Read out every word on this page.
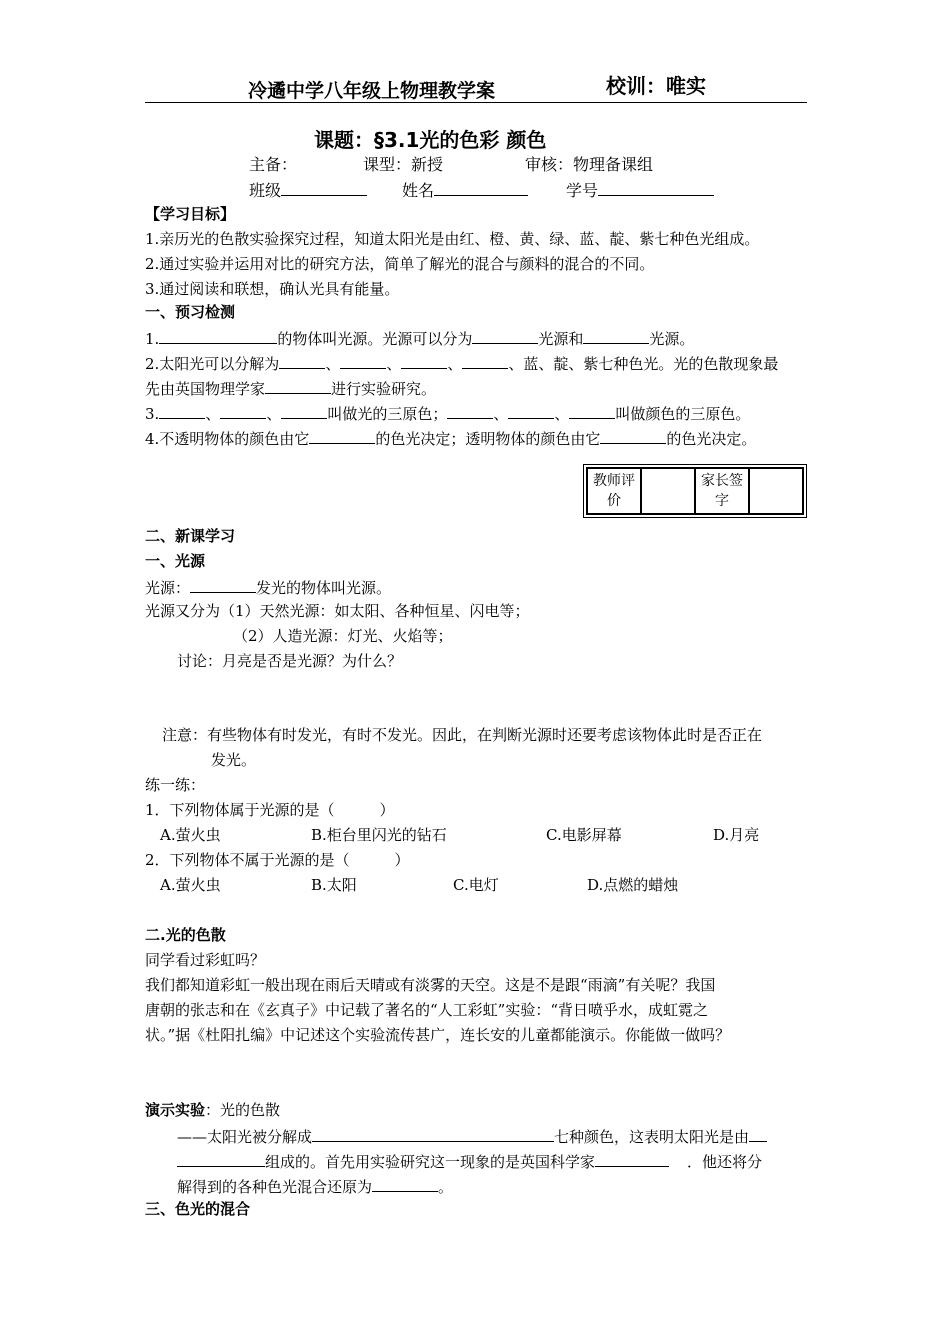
冷遹中学八年级上物理教学案	校训：唯实
课题：§3.1光的色彩 颜色
主备：	课型：新授	审核：物理备课组
班级	姓名	学号
【学习目标】
1.亲历光的色散实验探究过程，知道太阳光是由红、橙、黄、绿、蓝、靛、紫七种色光组成。
2.通过实验并运用对比的研究方法，简单了解光的混合与颜料的混合的不同。
3.通过阅读和联想，确认光具有能量。
一、预习检测
1.	的物体叫光源。光源可以分为	光源和	光源。
2.太阳光可以分解为	、	、	、	、蓝、靛、紫七种色光。光的色散现象最
先由英国物理学家	进行实验研究。
3.	、	、	叫做光的三原色；	、	、	叫做颜色的三原色。
4.不透明物体的颜色由它	的色光决定；透明物体的颜色由它	的色光决定。
教师评价		家长签字	
二、新课学习
一、光源
光源：	发光的物体叫光源。
光源又分为（1）天然光源：如太阳、各种恒星、闪电等；
（2）人造光源：灯光、火焰等；
讨论：月亮是否是光源？为什么？
注意：有些物体有时发光，有时不发光。因此，在判断光源时还要考虑该物体此时是否正在
发光。
练一练：
1．下列物体属于光源的是（　　　）
A.萤火虫	B.柜台里闪光的钻石	C.电影屏幕	D.月亮
2．下列物体不属于光源的是（　　　）
A.萤火虫	B.太阳	C.电灯	D.点燃的蜡烛
二.光的色散
同学看过彩虹吗？
我们都知道彩虹一般出现在雨后天晴或有淡雾的天空。这是不是跟“雨滴”有关呢？我国
唐朝的张志和在《玄真子》中记载了著名的“人工彩虹”实验：“背日喷乎水，成虹霓之
状。”据《杜阳扎编》中记述这个实验流传甚广，连长安的儿童都能演示。你能做一做吗？
演示实验：光的色散
——太阳光被分解成	七种颜色，这表明太阳光是由
组成的。首先用实验研究这一现象的是英国科学家	．他还将分
解得到的各种色光混合还原为	。
三、色光的混合
